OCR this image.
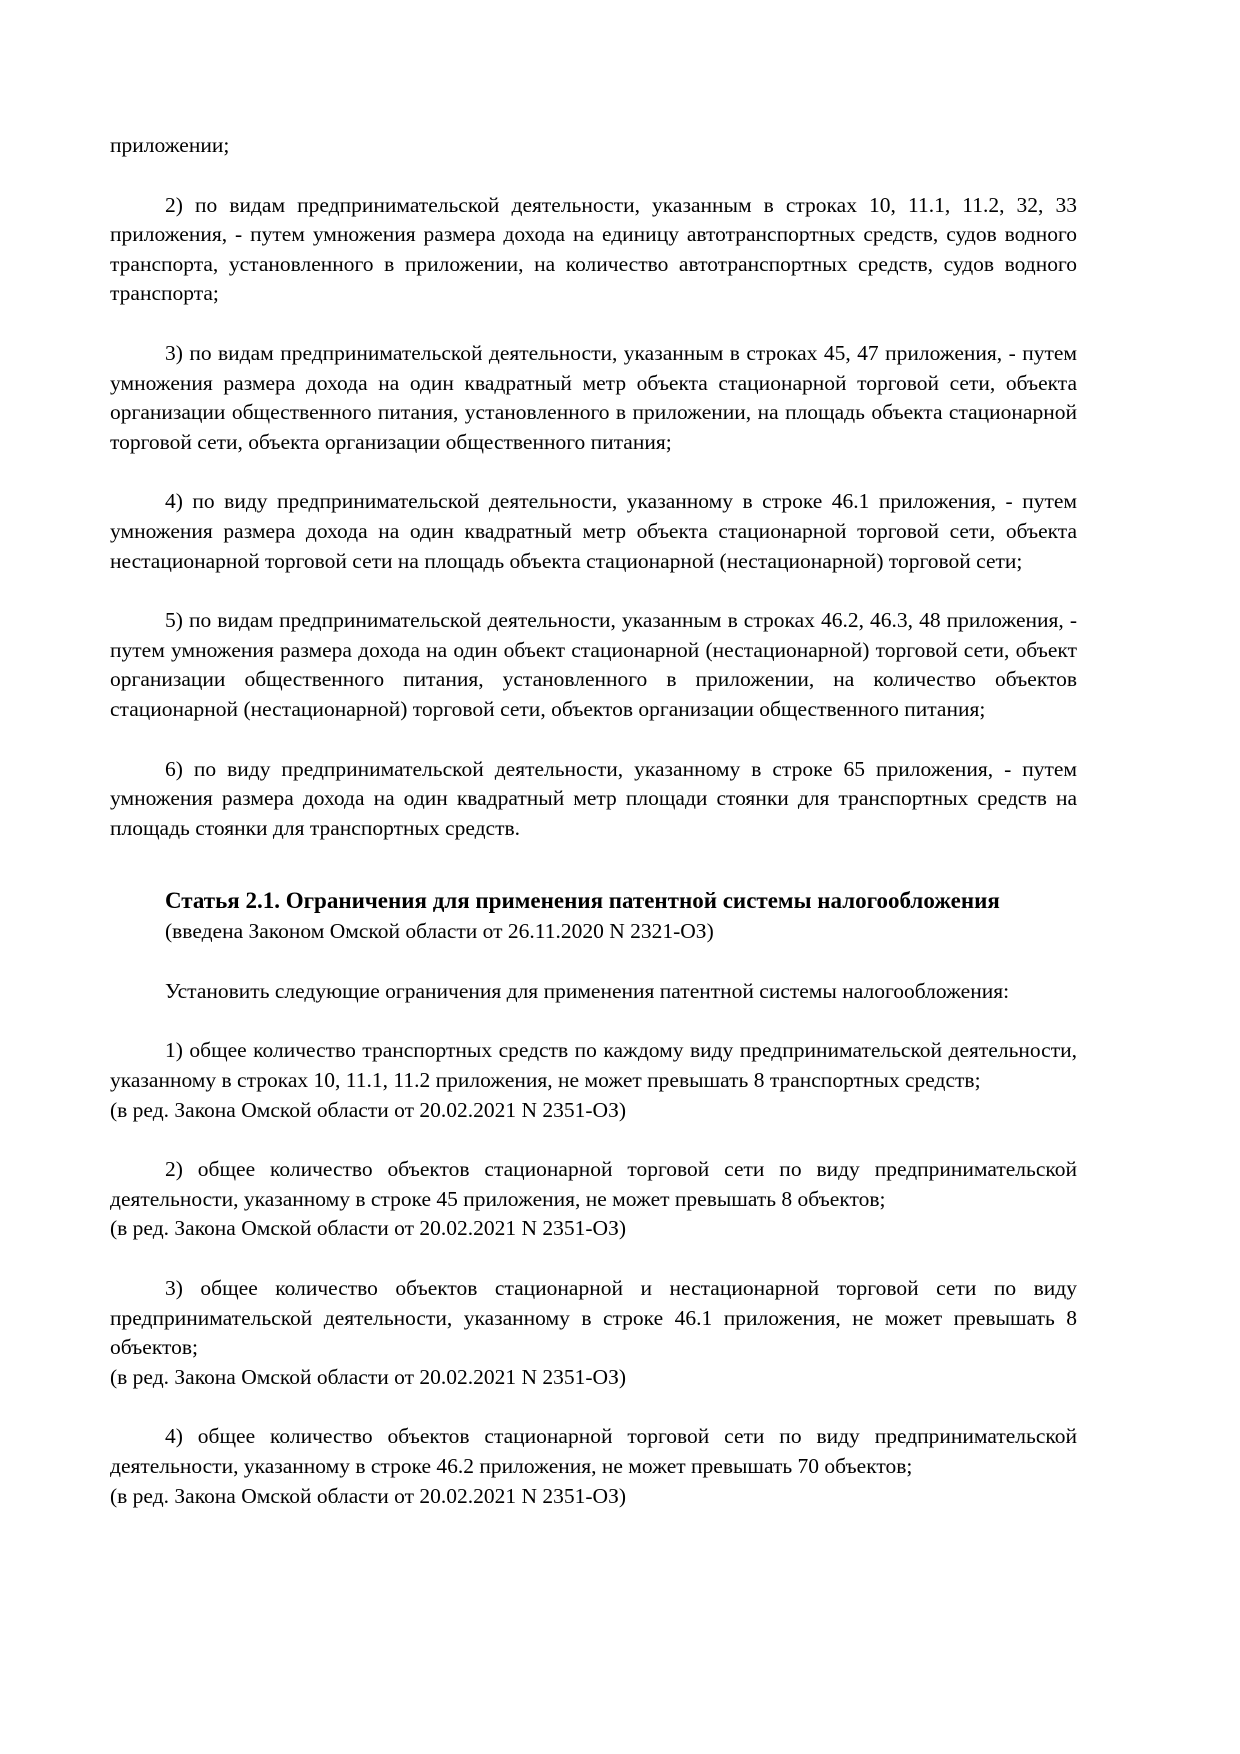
приложении;

2) по видам предпринимательской деятельности, указанным в строках 10, 11.1, 11.2, 32, 33 приложения, - путем умножения размера дохода на единицу автотранспортных средств, судов водного транспорта, установленного в приложении, на количество автотранспортных средств, судов водного транспорта;

3) по видам предпринимательской деятельности, указанным в строках 45, 47 приложения, - путем умножения размера дохода на один квадратный метр объекта стационарной торговой сети, объекта организации общественного питания, установленного в приложении, на площадь объекта стационарной торговой сети, объекта организации общественного питания;

4) по виду предпринимательской деятельности, указанному в строке 46.1 приложения, - путем умножения размера дохода на один квадратный метр объекта стационарной торговой сети, объекта нестационарной торговой сети на площадь объекта стационарной (нестационарной) торговой сети;

5) по видам предпринимательской деятельности, указанным в строках 46.2, 46.3, 48 приложения, - путем умножения размера дохода на один объект стационарной (нестационарной) торговой сети, объект организации общественного питания, установленного в приложении, на количество объектов стационарной (нестационарной) торговой сети, объектов организации общественного питания;

6) по виду предпринимательской деятельности, указанному в строке 65 приложения, - путем умножения размера дохода на один квадратный метр площади стоянки для транспортных средств на площадь стоянки для транспортных средств.

Статья 2.1. Ограничения для применения патентной системы налогообложения

(введена Законом Омской области от 26.11.2020 N 2321-ОЗ)

Установить следующие ограничения для применения патентной системы налогообложения:

1) общее количество транспортных средств по каждому виду предпринимательской деятельности, указанному в строках 10, 11.1, 11.2 приложения, не может превышать 8 транспортных средств;

(в ред. Закона Омской области от 20.02.2021 N 2351-ОЗ)

2) общее количество объектов стационарной торговой сети по виду предпринимательской деятельности, указанному в строке 45 приложения, не может превышать 8 объектов;

(в ред. Закона Омской области от 20.02.2021 N 2351-ОЗ)

3) общее количество объектов стационарной и нестационарной торговой сети по виду предпринимательской деятельности, указанному в строке 46.1 приложения, не может превышать 8 объектов;

(в ред. Закона Омской области от 20.02.2021 N 2351-ОЗ)

4) общее количество объектов стационарной торговой сети по виду предпринимательской деятельности, указанному в строке 46.2 приложения, не может превышать 70 объектов;

(в ред. Закона Омской области от 20.02.2021 N 2351-ОЗ)
